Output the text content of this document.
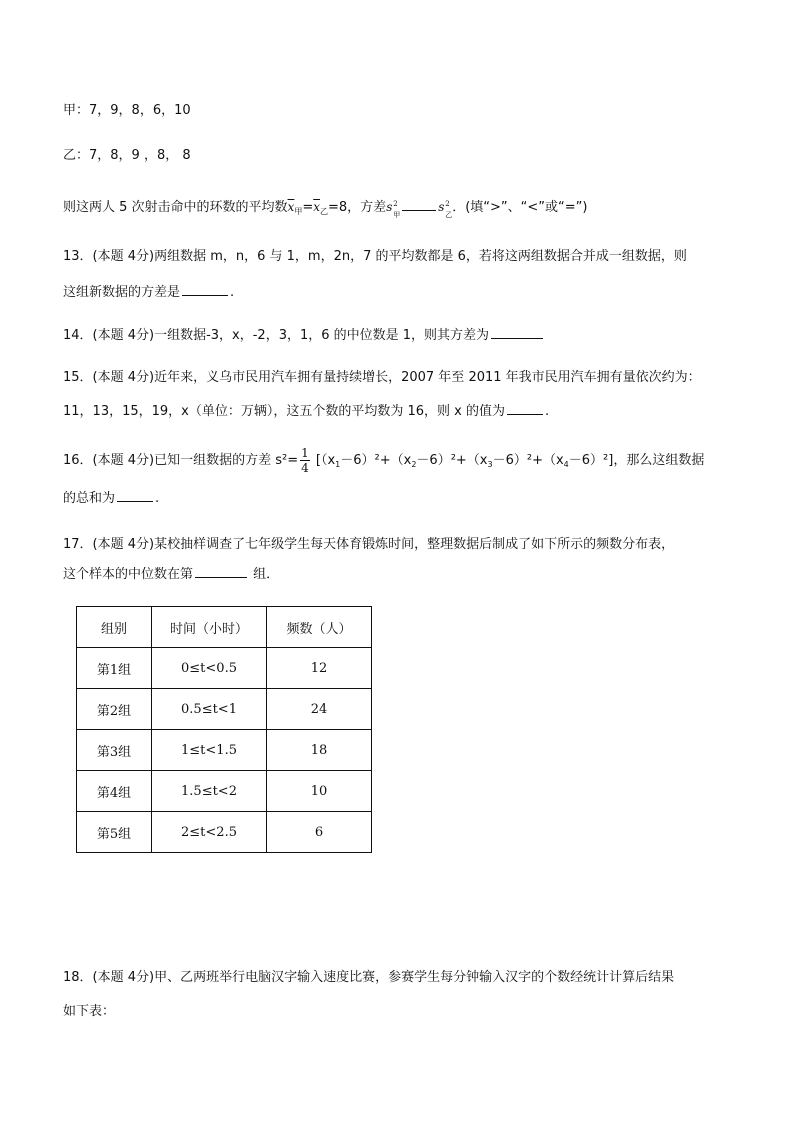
甲：7，9，8，6，10
乙：7，8，9 ，8， 8
则这两人 5 次射击命中的环数的平均数$\overline{x}_甲=\overline{x}_乙=8$，方差 s 2
甲
s 2
乙 ．(填“>”、“<”或“=”)
13．(本题 4分)两组数据 m，n，6 与 1，m，2n，7 的平均数都是 6，若将这两组数据合并成一组数据，则
这组新数据的方差是	.
14．(本题 4分)一组数据-3，x，-2，3，1，6 的中位数是 1，则其方差为
15．(本题 4分)近年来，义乌市民用汽车拥有量持续增长，2007 年至 2011 年我市民用汽车拥有量依次约为：
11，13，15，19，x（单位：万辆），这五个数的平均数为 16，则 x 的值为	.
16．(本题 4分)已知一组数据的方差 $s^2= \frac{1}{4} [(x_1-6)^2+(x_2-6)^2+(x_3-6)^2+(x_4-6)^2]$，那么这组数据
的总和为	.
17．(本题 4分)某校抽样调查了七年级学生每天体育锻炼时间，整理数据后制成了如下所示的频数分布表，
这个样本的中位数在第	组．
组别	时间（小时）	频数（人）
第1组	0≤t<0.5	12
第2组	0.5≤t<1	24
第3组	1≤t<1.5	18
第4组	1.5≤t<2	10
第5组	2≤t<2.5	6
18．(本题 4分)甲、乙两班举行电脑汉字输入速度比赛，参赛学生每分钟输入汉字的个数经统计计算后结果
如下表：
